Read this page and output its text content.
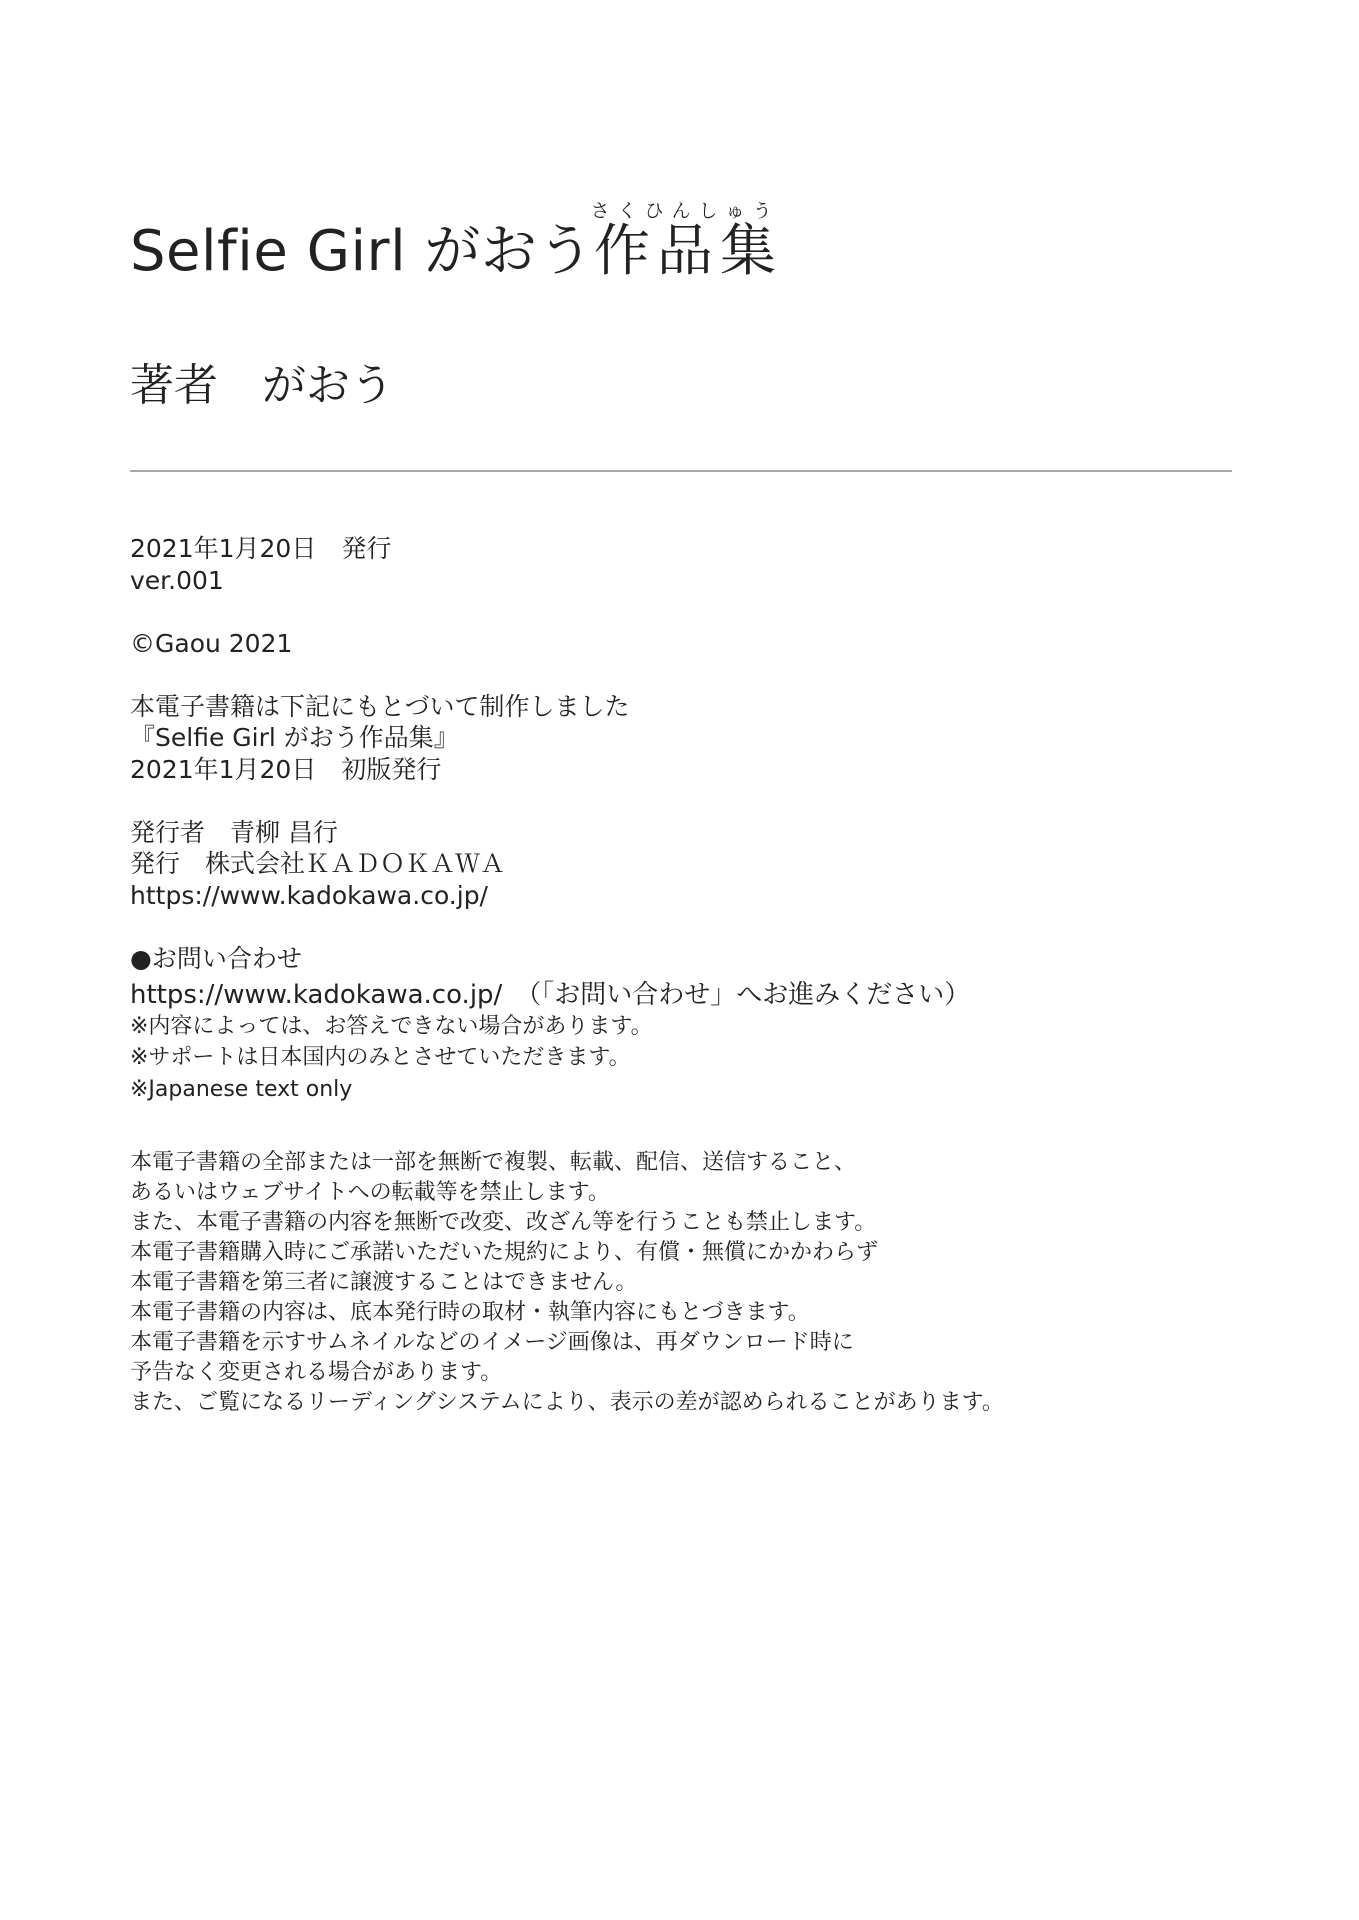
Selfie Girl がおう作品集さくひんしゅう
著者 がおう
2021年1月20日　発行
ver.001
©Gaou 2021
本電子書籍は下記にもとづいて制作しました
『Selfie Girl がおう作品集』
2021年1月20日　初版発行
発行者　青柳 昌行
発行　株式会社ＫＡＤＯＫＡＷＡ
https://www.kadokawa.co.jp/
●お問い合わせ
https://www.kadokawa.co.jp/　（「お問い合わせ」へお進みください）
※内容によっては、お答えできない場合があります。
※サポートは日本国内のみとさせていただきます。
※Japanese text only
本電子書籍の全部または一部を無断で複製、転載、配信、送信すること、
あるいはウェブサイトへの転載等を禁止します。
また、本電子書籍の内容を無断で改変、改ざん等を行うことも禁止します。
本電子書籍購入時にご承諾いただいた規約により、有償・無償にかかわらず
本電子書籍を第三者に譲渡することはできません。
本電子書籍の内容は、底本発行時の取材・執筆内容にもとづきます。
本電子書籍を示すサムネイルなどのイメージ画像は、再ダウンロード時に
予告なく変更される場合があります。
また、ご覧になるリーディングシステムにより、表示の差が認められることがあります。
